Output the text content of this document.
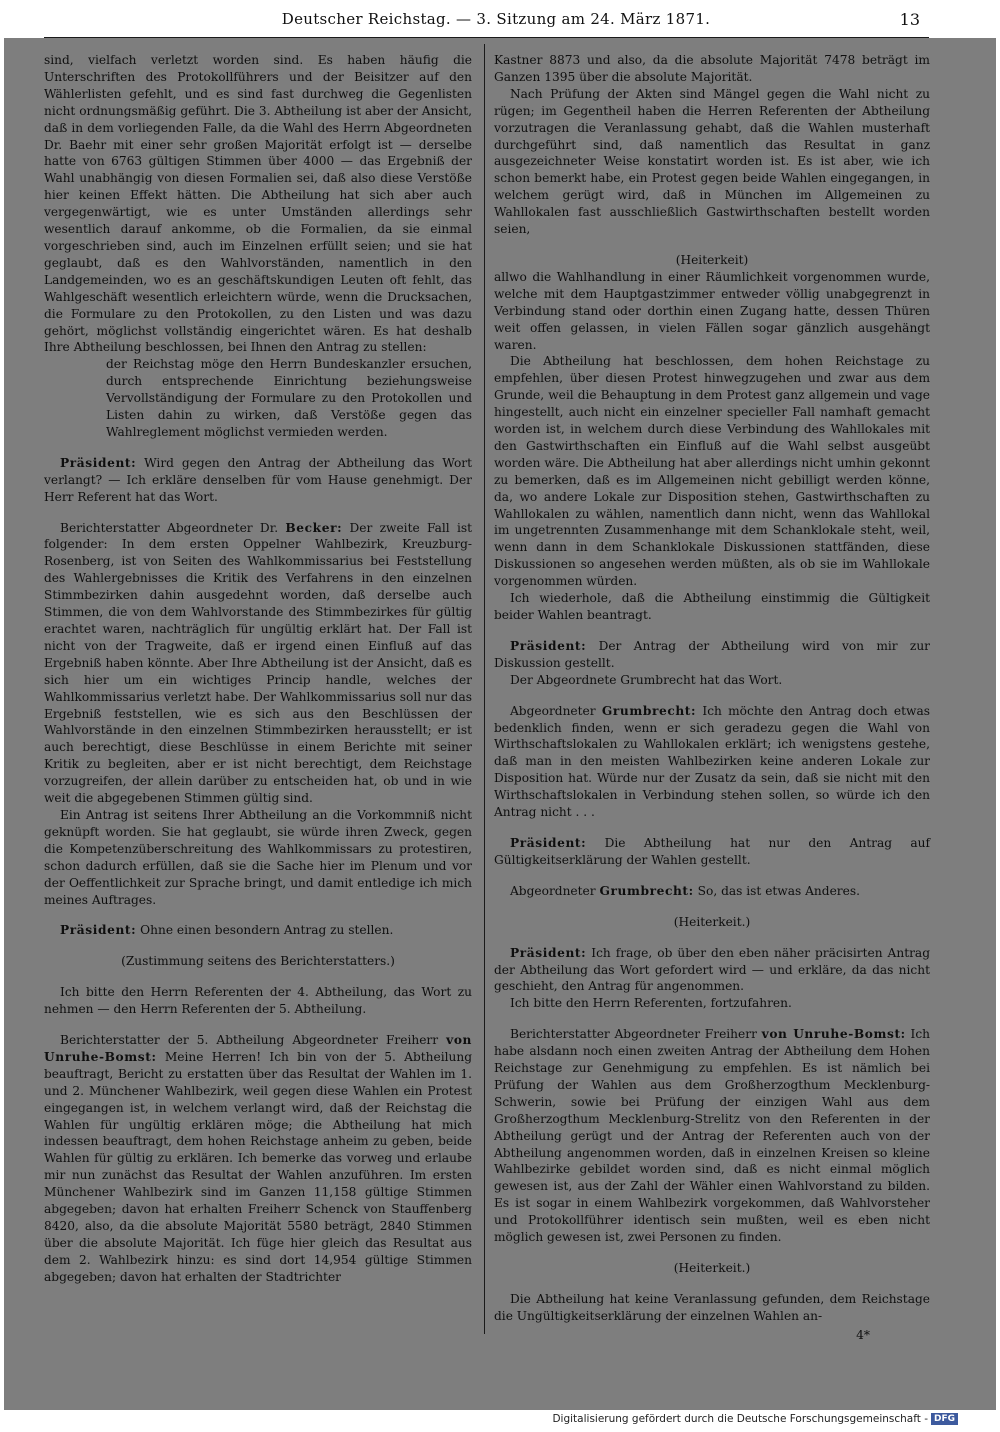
Deutscher Reichstag. — 3. Sitzung am 24. März 1871.	13

sind, vielfach verletzt worden sind. Es haben häufig die Unterschriften des Protokollführers und der Beisitzer auf den Wählerlisten gefehlt, und es sind fast durchweg die Gegenlisten nicht ordnungsmäßig geführt. Die 3. Abtheilung ist aber der Ansicht, daß in dem vorliegenden Falle, da die Wahl des Herrn Abgeordneten Dr. Baehr mit einer sehr großen Majorität erfolgt ist — derselbe hatte von 6763 gültigen Stimmen über 4000 — das Ergebniß der Wahl unabhängig von diesen Formalien sei, daß also diese Verstöße hier keinen Effekt hätten. Die Abtheilung hat sich aber auch vergegenwärtigt, wie es unter Umständen allerdings sehr wesentlich darauf ankomme, ob die Formalien, da sie einmal vorgeschrieben sind, auch im Einzelnen erfüllt seien; und sie hat geglaubt, daß es den Wahlvorständen, namentlich in den Landgemeinden, wo es an geschäftskundigen Leuten oft fehlt, das Wahlgeschäft wesentlich erleichtern würde, wenn die Drucksachen, die Formulare zu den Protokollen, zu den Listen und was dazu gehört, möglichst vollständig eingerichtet wären. Es hat deshalb Ihre Abtheilung beschlossen, bei Ihnen den Antrag zu stellen:

der Reichstag möge den Herrn Bundeskanzler ersuchen, durch entsprechende Einrichtung beziehungsweise Vervollständigung der Formulare zu den Protokollen und Listen dahin zu wirken, daß Verstöße gegen das Wahlreglement möglichst vermieden werden.

Präsident: Wird gegen den Antrag der Abtheilung das Wort verlangt? — Ich erkläre denselben für vom Hause genehmigt. Der Herr Referent hat das Wort.

Berichterstatter Abgeordneter Dr. Becker: Der zweite Fall ist folgender: In dem ersten Oppelner Wahlbezirk, Kreuzburg-Rosenberg, ist von Seiten des Wahlkommissarius bei Feststellung des Wahlergebnisses die Kritik des Verfahrens in den einzelnen Stimmbezirken dahin ausgedehnt worden, daß derselbe auch Stimmen, die von dem Wahlvorstande des Stimmbezirkes für gültig erachtet waren, nachträglich für ungültig erklärt hat. Der Fall ist nicht von der Tragweite, daß er irgend einen Einfluß auf das Ergebniß haben könnte. Aber Ihre Abtheilung ist der Ansicht, daß es sich hier um ein wichtiges Princip handle, welches der Wahlkommissarius verletzt habe. Der Wahlkommissarius soll nur das Ergebniß feststellen, wie es sich aus den Beschlüssen der Wahlvorstände in den einzelnen Stimmbezirken herausstellt; er ist auch berechtigt, diese Beschlüsse in einem Berichte mit seiner Kritik zu begleiten, aber er ist nicht berechtigt, dem Reichstage vorzugreifen, der allein darüber zu entscheiden hat, ob und in wie weit die abgegebenen Stimmen gültig sind.

Ein Antrag ist seitens Ihrer Abtheilung an die Vorkommniß nicht geknüpft worden. Sie hat geglaubt, sie würde ihren Zweck, gegen die Kompetenzüberschreitung des Wahlkommissars zu protestiren, schon dadurch erfüllen, daß sie die Sache hier im Plenum und vor der Oeffentlichkeit zur Sprache bringt, und damit entledige ich mich meines Auftrages.

Präsident: Ohne einen besondern Antrag zu stellen.

(Zustimmung seitens des Berichterstatters.)

Ich bitte den Herrn Referenten der 4. Abtheilung, das Wort zu nehmen — den Herrn Referenten der 5. Abtheilung.

Berichterstatter der 5. Abtheilung Abgeordneter Freiherr von Unruhe-Bomst: Meine Herren! Ich bin von der 5. Abtheilung beauftragt, Bericht zu erstatten über das Resultat der Wahlen im 1. und 2. Münchener Wahlbezirk, weil gegen diese Wahlen ein Protest eingegangen ist, in welchem verlangt wird, daß der Reichstag die Wahlen für ungültig erklären möge; die Abtheilung hat mich indessen beauftragt, dem hohen Reichstage anheim zu geben, beide Wahlen für gültig zu erklären. Ich bemerke das vorweg und erlaube mir nun zunächst das Resultat der Wahlen anzuführen. Im ersten Münchener Wahlbezirk sind im Ganzen 11,158 gültige Stimmen abgegeben; davon hat erhalten Freiherr Schenck von Stauffenberg 8420, also, da die absolute Majorität 5580 beträgt, 2840 Stimmen über die absolute Majorität. Ich füge hier gleich das Resultat aus dem 2. Wahlbezirk hinzu: es sind dort 14,954 gültige Stimmen abgegeben; davon hat erhalten der Stadtrichter

Kastner 8873 und also, da die absolute Majorität 7478 beträgt im Ganzen 1395 über die absolute Majorität.

Nach Prüfung der Akten sind Mängel gegen die Wahl nicht zu rügen; im Gegentheil haben die Herren Referenten der Abtheilung vorzutragen die Veranlassung gehabt, daß die Wahlen musterhaft durchgeführt sind, daß namentlich das Resultat in ganz ausgezeichneter Weise konstatirt worden ist. Es ist aber, wie ich schon bemerkt habe, ein Protest gegen beide Wahlen eingegangen, in welchem gerügt wird, daß in München im Allgemeinen zu Wahllokalen fast ausschließlich Gastwirthschaften bestellt worden seien,

(Heiterkeit)

allwo die Wahlhandlung in einer Räumlichkeit vorgenommen wurde, welche mit dem Hauptgastzimmer entweder völlig unabgegrenzt in Verbindung stand oder dorthin einen Zugang hatte, dessen Thüren weit offen gelassen, in vielen Fällen sogar gänzlich ausgehängt waren.

Die Abtheilung hat beschlossen, dem hohen Reichstage zu empfehlen, über diesen Protest hinwegzugehen und zwar aus dem Grunde, weil die Behauptung in dem Protest ganz allgemein und vage hingestellt, auch nicht ein einzelner specieller Fall namhaft gemacht worden ist, in welchem durch diese Verbindung des Wahllokales mit den Gastwirthschaften ein Einfluß auf die Wahl selbst ausgeübt worden wäre. Die Abtheilung hat aber allerdings nicht umhin gekonnt zu bemerken, daß es im Allgemeinen nicht gebilligt werden könne, da, wo andere Lokale zur Disposition stehen, Gastwirthschaften zu Wahllokalen zu wählen, namentlich dann nicht, wenn das Wahllokal im ungetrennten Zusammenhange mit dem Schanklokale steht, weil, wenn dann in dem Schanklokale Diskussionen stattfänden, diese Diskussionen so angesehen werden müßten, als ob sie im Wahllokale vorgenommen würden.

Ich wiederhole, daß die Abtheilung einstimmig die Gültigkeit beider Wahlen beantragt.

Präsident: Der Antrag der Abtheilung wird von mir zur Diskussion gestellt.

Der Abgeordnete Grumbrecht hat das Wort.

Abgeordneter Grumbrecht: Ich möchte den Antrag doch etwas bedenklich finden, wenn er sich geradezu gegen die Wahl von Wirthschaftslokalen zu Wahllokalen erklärt; ich wenigstens gestehe, daß man in den meisten Wahlbezirken keine anderen Lokale zur Disposition hat. Würde nur der Zusatz da sein, daß sie nicht mit den Wirthschaftslokalen in Verbindung stehen sollen, so würde ich den Antrag nicht . . .

Präsident: Die Abtheilung hat nur den Antrag auf Gültigkeitserklärung der Wahlen gestellt.

Abgeordneter Grumbrecht: So, das ist etwas Anderes.

(Heiterkeit.)

Präsident: Ich frage, ob über den eben näher präcisirten Antrag der Abtheilung das Wort gefordert wird — und erkläre, da das nicht geschieht, den Antrag für angenommen.

Ich bitte den Herrn Referenten, fortzufahren.

Berichterstatter Abgeordneter Freiherr von Unruhe-Bomst: Ich habe alsdann noch einen zweiten Antrag der Abtheilung dem Hohen Reichstage zur Genehmigung zu empfehlen. Es ist nämlich bei Prüfung der Wahlen aus dem Großherzogthum Mecklenburg-Schwerin, sowie bei Prüfung der einzigen Wahl aus dem Großherzogthum Mecklenburg-Strelitz von den Referenten in der Abtheilung gerügt und der Antrag der Referenten auch von der Abtheilung angenommen worden, daß in einzelnen Kreisen so kleine Wahlbezirke gebildet worden sind, daß es nicht einmal möglich gewesen ist, aus der Zahl der Wähler einen Wahlvorstand zu bilden. Es ist sogar in einem Wahlbezirk vorgekommen, daß Wahlvorsteher und Protokollführer identisch sein mußten, weil es eben nicht möglich gewesen ist, zwei Personen zu finden.

(Heiterkeit.)

Die Abtheilung hat keine Veranlassung gefunden, dem Reichstage die Ungültigkeitserklärung der einzelnen Wahlen an-

4*
Digitalisierung gefördert durch die Deutsche Forschungsgemeinschaft - DFG
